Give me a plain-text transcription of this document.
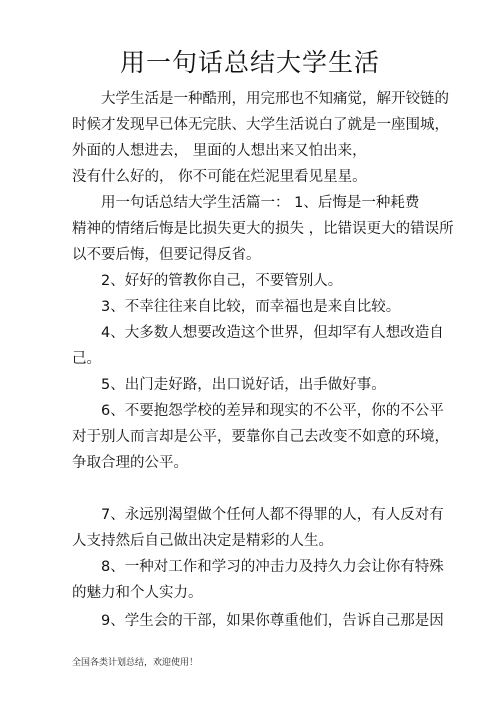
用一句话总结大学生活

大学生活是一种酷刑，用完邢也不知痛觉，解开铰链的

时候才发现早已体无完肤、大学生活说白了就是一座围城，

外面的人想进去， 里面的人想出来又怕出来，

没有什么好的， 你不可能在烂泥里看见星星。

用一句话总结大学生活篇一： 1、后悔是一种耗费

精神的情绪后悔是比损失更大的损失 ，比错误更大的错误所

以不要后悔，但要记得反省。

2、好好的管教你自己，不要管别人。

3、不幸往往来自比较，而幸福也是来自比较。

4、大多数人想要改造这个世界，但却罕有人想改造自

己。

5、出门走好路，出口说好话，出手做好事。

6、不要抱怨学校的差异和现实的不公平，你的不公平

对于别人而言却是公平，要靠你自己去改变不如意的环境，

争取合理的公平。

7、永远别渴望做个任何人都不得罪的人，有人反对有

人支持然后自己做出决定是精彩的人生。

8、一种对工作和学习的冲击力及持久力会让你有特殊

的魅力和个人实力。

9、学生会的干部，如果你尊重他们，告诉自己那是因

全国各类计划总结，欢迎使用！
